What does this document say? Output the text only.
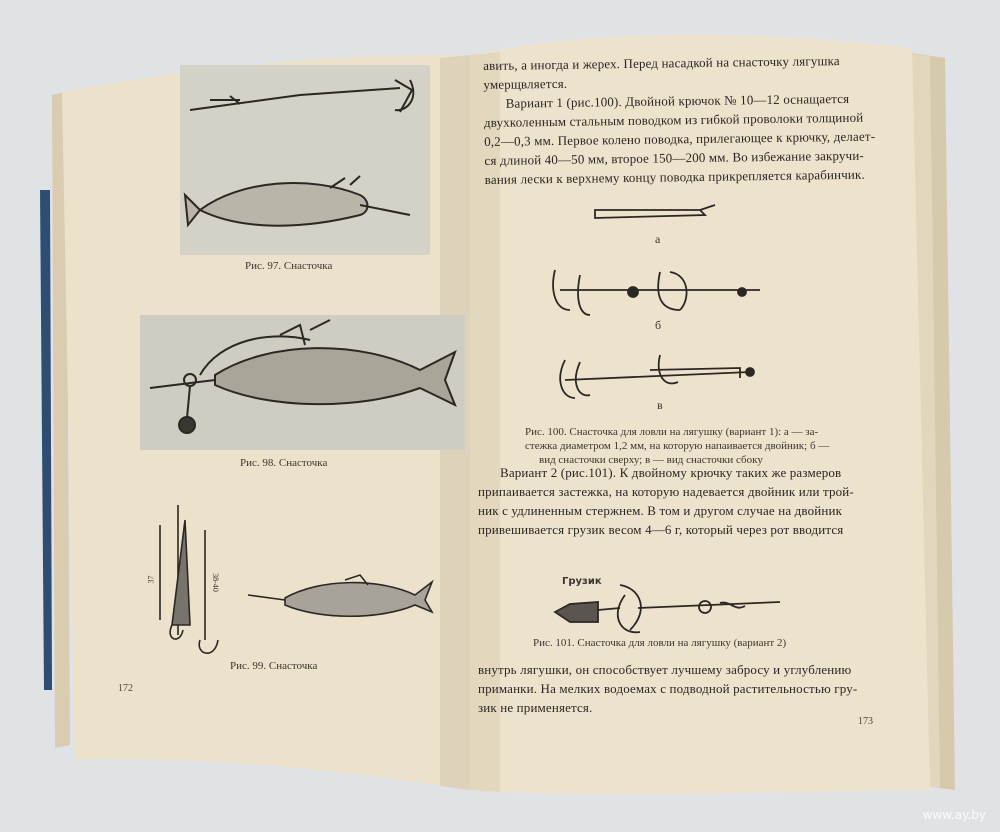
Рис. 97. Снасточка
Рис. 98. Снасточка
37	38-40
Рис. 99. Снасточка
172
авить, а иногда и жерех. Перед насадкой на снасточку лягушка
умерщвляется.
Вариант 1 (рис.100). Двойной крючок № 10—12 оснащается
двухколенным стальным поводком из гибкой проволоки толщиной
0,2—0,3 мм. Первое колено поводка, прилегающее к крючку, делает-
ся длиной 40—50 мм, второе 150—200 мм. Во избежание закручи-
вания лески к верхнему концу поводка прикрепляется карабинчик.
а
б
в
Рис. 100. Снасточка для ловли на лягушку (вариант 1): а — за-
стежка диаметром 1,2 мм, на которую напаивается двойник; б —
вид снасточки сверху; в — вид снасточки сбоку
Вариант 2 (рис.101). К двойному крючку таких же размеров
припаивается застежка, на которую надевается двойник или трой-
ник с удлиненным стержнем. В том и другом случае на двойник
привешивается грузик весом 4—6 г, который через рот вводится
Грузик
Рис. 101. Снасточка для ловли на лягушку (вариант 2)
внутрь лягушки, он способствует лучшему забросу и углублению
приманки. На мелких водоемах с подводной растительностью гру-
зик не применяется.
173
www.ay.by
